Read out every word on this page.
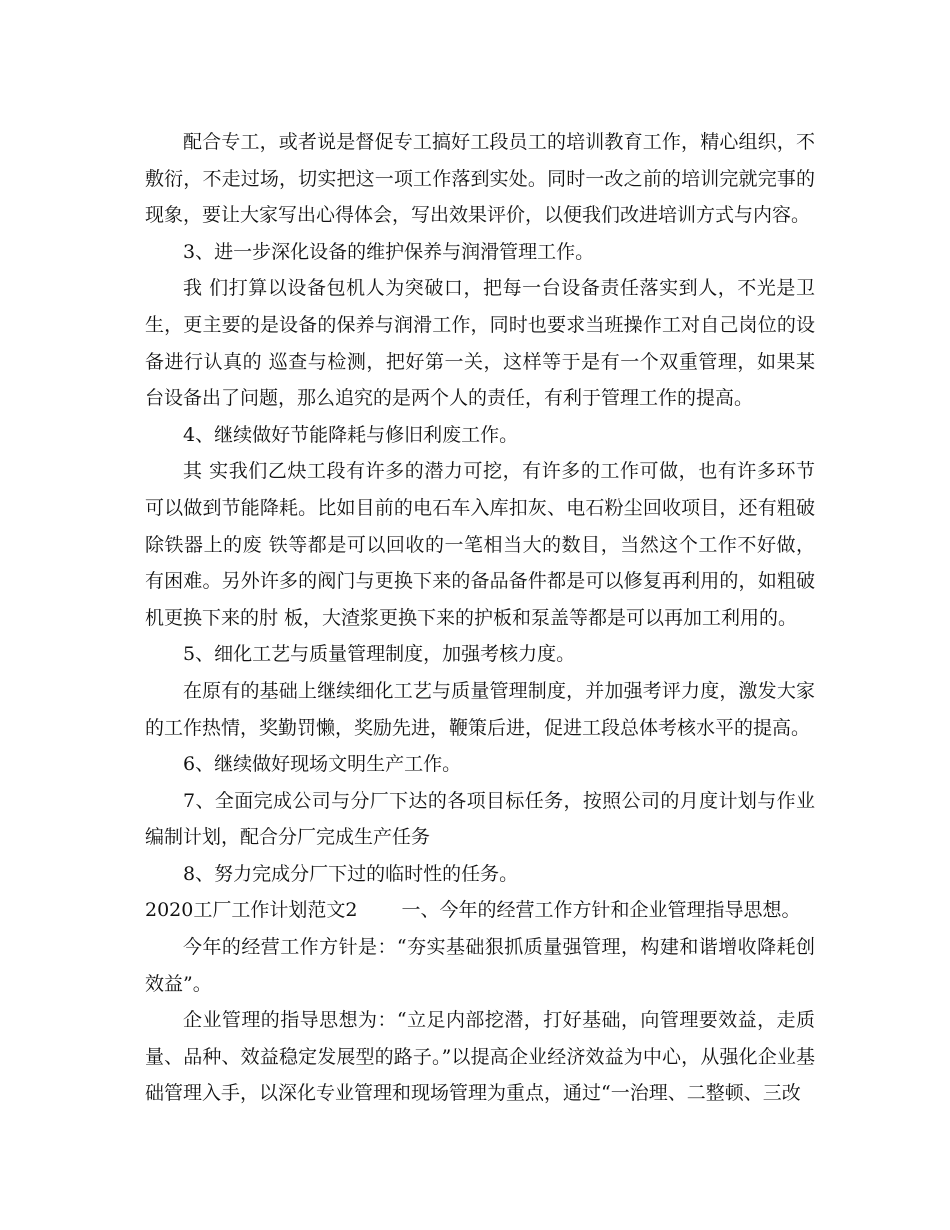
配合专工，或者说是督促专工搞好工段员工的培训教育工作，精心组织，不敷衍，不走过场，切实把这一项工作落到实处。同时一改之前的培训完就完事的现象，要让大家写出心得体会，写出效果评价，以便我们改进培训方式与内容。

3、进一步深化设备的维护保养与润滑管理工作。

我 们打算以设备包机人为突破口，把每一台设备责任落实到人，不光是卫生，更主要的是设备的保养与润滑工作，同时也要求当班操作工对自己岗位的设备进行认真的 巡查与检测，把好第一关，这样等于是有一个双重管理，如果某台设备出了问题，那么追究的是两个人的责任，有利于管理工作的提高。

4、继续做好节能降耗与修旧利废工作。

其 实我们乙炔工段有许多的潜力可挖，有许多的工作可做，也有许多环节可以做到节能降耗。比如目前的电石车入库扣灰、电石粉尘回收项目，还有粗破除铁器上的废 铁等都是可以回收的一笔相当大的数目，当然这个工作不好做，有困难。另外许多的阀门与更换下来的备品备件都是可以修复再利用的，如粗破机更换下来的肘 板，大渣浆更换下来的护板和泵盖等都是可以再加工利用的。

5、细化工艺与质量管理制度，加强考核力度。

在原有的基础上继续细化工艺与质量管理制度，并加强考评力度，激发大家的工作热情，奖勤罚懒，奖励先进，鞭策后进，促进工段总体考核水平的提高。

6、继续做好现场文明生产工作。

7、全面完成公司与分厂下达的各项目标任务，按照公司的月度计划与作业编制计划，配合分厂完成生产任务

8、努力完成分厂下过的临时性的任务。

2020工厂工作计划范文2 一、今年的经营工作方针和企业管理指导思想。

今年的经营工作方针是：“夯实基础狠抓质量强管理，构建和谐增收降耗创效益”。

企业管理的指导思想为：“立足内部挖潜，打好基础，向管理要效益，走质量、品种、效益稳定发展型的路子。”以提高企业经济效益为中心，从强化企业基础管理入手，以深化专业管理和现场管理为重点，通过“一治理、二整顿、三改
